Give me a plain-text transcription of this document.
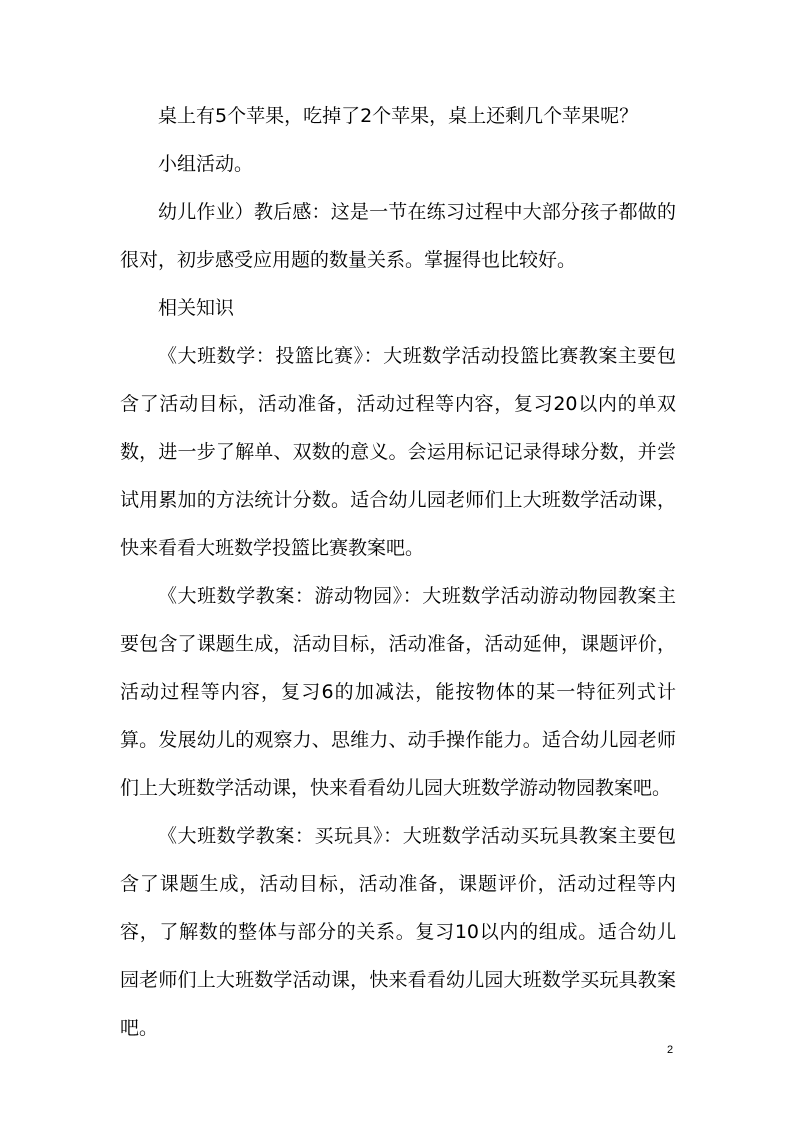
桌上有5个苹果，吃掉了2个苹果，桌上还剩几个苹果呢？

小组活动。

幼儿作业）教后感：这是一节在练习过程中大部分孩子都做的很对，初步感受应用题的数量关系。掌握得也比较好。

相关知识

《大班数学：投篮比赛》：大班数学活动投篮比赛教案主要包含了活动目标，活动准备，活动过程等内容，复习20以内的单双数，进一步了解单、双数的意义。会运用标记记录得球分数，并尝试用累加的方法统计分数。适合幼儿园老师们上大班数学活动课，快来看看大班数学投篮比赛教案吧。

《大班数学教案：游动物园》：大班数学活动游动物园教案主要包含了课题生成，活动目标，活动准备，活动延伸，课题评价，活动过程等内容，复习6的加减法，能按物体的某一特征列式计算。发展幼儿的观察力、思维力、动手操作能力。适合幼儿园老师们上大班数学活动课，快来看看幼儿园大班数学游动物园教案吧。

《大班数学教案：买玩具》：大班数学活动买玩具教案主要包含了课题生成，活动目标，活动准备，课题评价，活动过程等内容，了解数的整体与部分的关系。复习10以内的组成。适合幼儿园老师们上大班数学活动课，快来看看幼儿园大班数学买玩具教案吧。

2
